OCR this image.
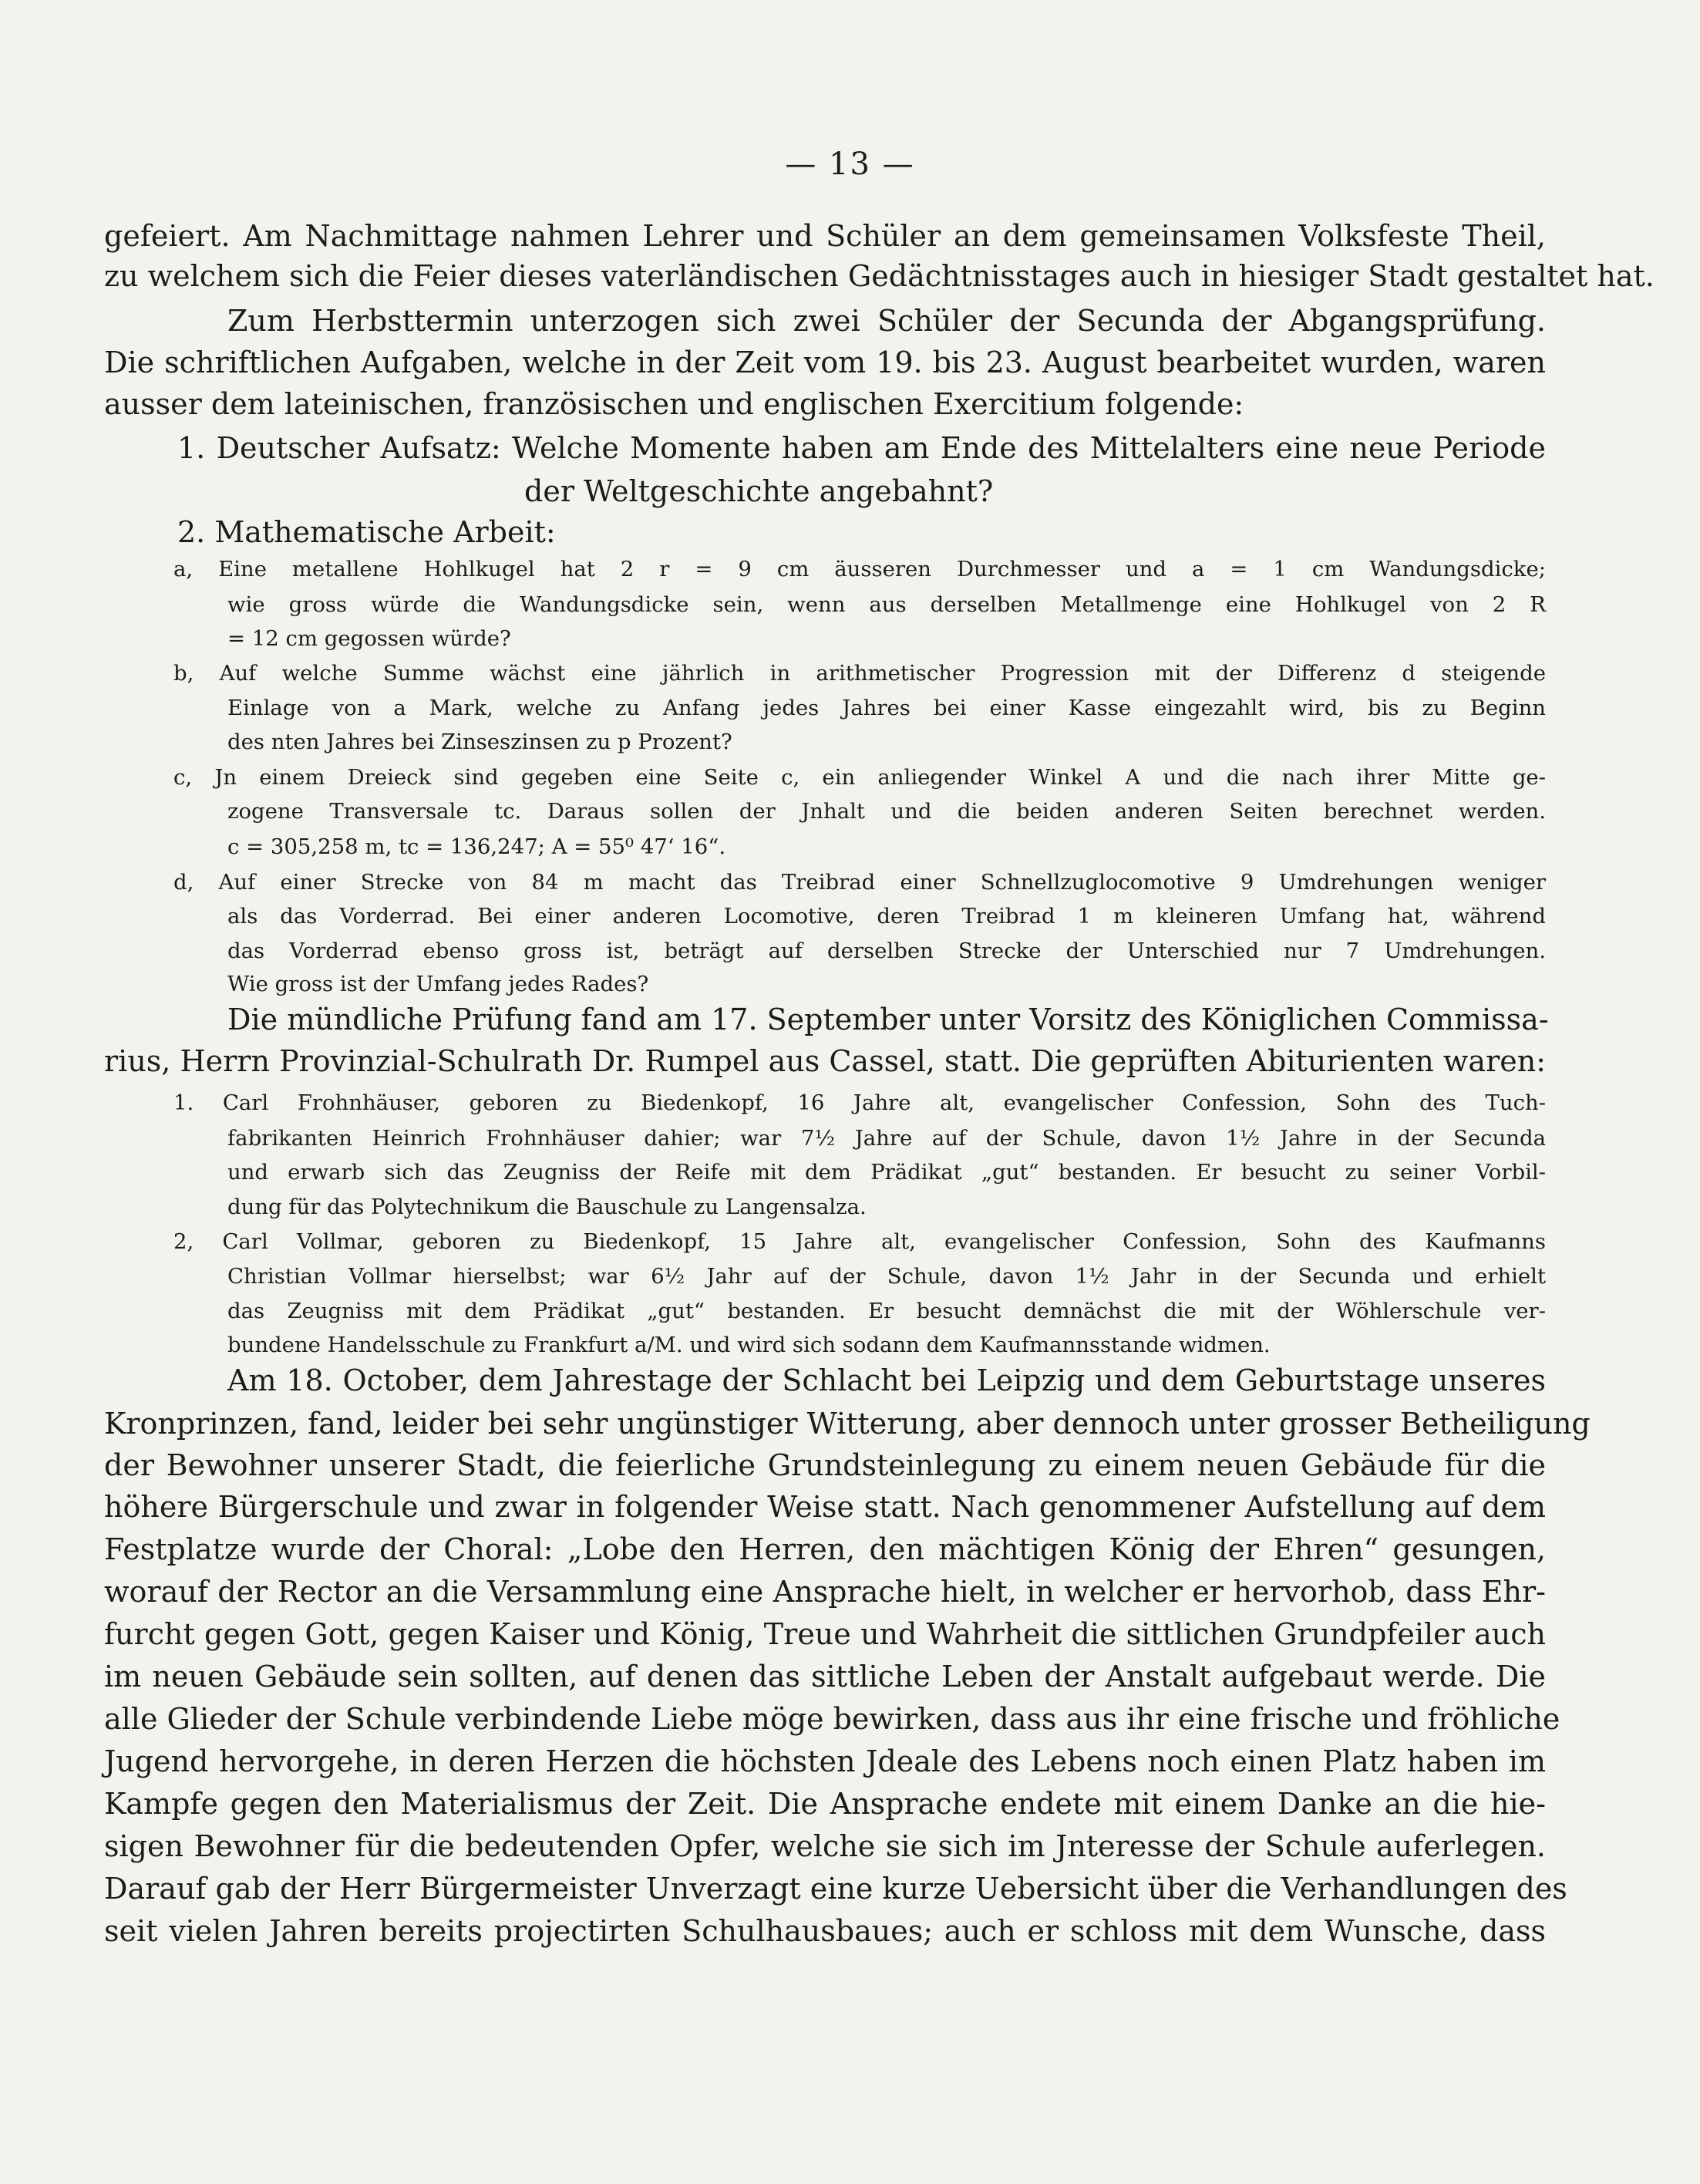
— 13 —
gefeiert. Am Nachmittage nahmen Lehrer und Schüler an dem gemeinsamen Volksfeste Theil,
zu welchem sich die Feier dieses vaterländischen Gedächtnisstages auch in hiesiger Stadt gestaltet hat.
Zum Herbsttermin unterzogen sich zwei Schüler der Secunda der Abgangsprüfung.
Die schriftlichen Aufgaben, welche in der Zeit vom 19. bis 23. August bearbeitet wurden, waren
ausser dem lateinischen, französischen und englischen Exercitium folgende:
1. Deutscher Aufsatz: Welche Momente haben am Ende des Mittelalters eine neue Periode
der Weltgeschichte angebahnt?
2. Mathematische Arbeit:
a, Eine metallene Hohlkugel hat 2 r = 9 cm äusseren Durchmesser und a = 1 cm Wandungsdicke;
wie gross würde die Wandungsdicke sein, wenn aus derselben Metallmenge eine Hohlkugel von 2 R
= 12 cm gegossen würde?
b, Auf welche Summe wächst eine jährlich in arithmetischer Progression mit der Differenz d steigende
Einlage von a Mark, welche zu Anfang jedes Jahres bei einer Kasse eingezahlt wird, bis zu Beginn
des nten Jahres bei Zinseszinsen zu p Prozent?
c, Jn einem Dreieck sind gegeben eine Seite c, ein anliegender Winkel A und die nach ihrer Mitte ge-
zogene Transversale tc. Daraus sollen der Jnhalt und die beiden anderen Seiten berechnet werden.
c = 305,258 m, tc = 136,247; A = 55⁰ 47‘ 16“.
d, Auf einer Strecke von 84 m macht das Treibrad einer Schnellzuglocomotive 9 Umdrehungen weniger
als das Vorderrad. Bei einer anderen Locomotive, deren Treibrad 1 m kleineren Umfang hat, während
das Vorderrad ebenso gross ist, beträgt auf derselben Strecke der Unterschied nur 7 Umdrehungen.
Wie gross ist der Umfang jedes Rades?
Die mündliche Prüfung fand am 17. September unter Vorsitz des Königlichen Commissa-
rius, Herrn Provinzial-Schulrath Dr. Rumpel aus Cassel, statt. Die geprüften Abiturienten waren:
1. Carl Frohnhäuser, geboren zu Biedenkopf, 16 Jahre alt, evangelischer Confession, Sohn des Tuch-
fabrikanten Heinrich Frohnhäuser dahier; war 7½ Jahre auf der Schule, davon 1½ Jahre in der Secunda
und erwarb sich das Zeugniss der Reife mit dem Prädikat „gut“ bestanden. Er besucht zu seiner Vorbil-
dung für das Polytechnikum die Bauschule zu Langensalza.
2, Carl Vollmar, geboren zu Biedenkopf, 15 Jahre alt, evangelischer Confession, Sohn des Kaufmanns
Christian Vollmar hierselbst; war 6½ Jahr auf der Schule, davon 1½ Jahr in der Secunda und erhielt
das Zeugniss mit dem Prädikat „gut“ bestanden. Er besucht demnächst die mit der Wöhlerschule ver-
bundene Handelsschule zu Frankfurt a/M. und wird sich sodann dem Kaufmannsstande widmen.
Am 18. October, dem Jahrestage der Schlacht bei Leipzig und dem Geburtstage unseres
Kronprinzen, fand, leider bei sehr ungünstiger Witterung, aber dennoch unter grosser Betheiligung
der Bewohner unserer Stadt, die feierliche Grundsteinlegung zu einem neuen Gebäude für die
höhere Bürgerschule und zwar in folgender Weise statt. Nach genommener Aufstellung auf dem
Festplatze wurde der Choral: „Lobe den Herren, den mächtigen König der Ehren“ gesungen,
worauf der Rector an die Versammlung eine Ansprache hielt, in welcher er hervorhob, dass Ehr-
furcht gegen Gott, gegen Kaiser und König, Treue und Wahrheit die sittlichen Grundpfeiler auch
im neuen Gebäude sein sollten, auf denen das sittliche Leben der Anstalt aufgebaut werde. Die
alle Glieder der Schule verbindende Liebe möge bewirken, dass aus ihr eine frische und fröhliche
Jugend hervorgehe, in deren Herzen die höchsten Jdeale des Lebens noch einen Platz haben im
Kampfe gegen den Materialismus der Zeit. Die Ansprache endete mit einem Danke an die hie-
sigen Bewohner für die bedeutenden Opfer, welche sie sich im Jnteresse der Schule auferlegen.
Darauf gab der Herr Bürgermeister Unverzagt eine kurze Uebersicht über die Verhandlungen des
seit vielen Jahren bereits projectirten Schulhausbaues; auch er schloss mit dem Wunsche, dass
